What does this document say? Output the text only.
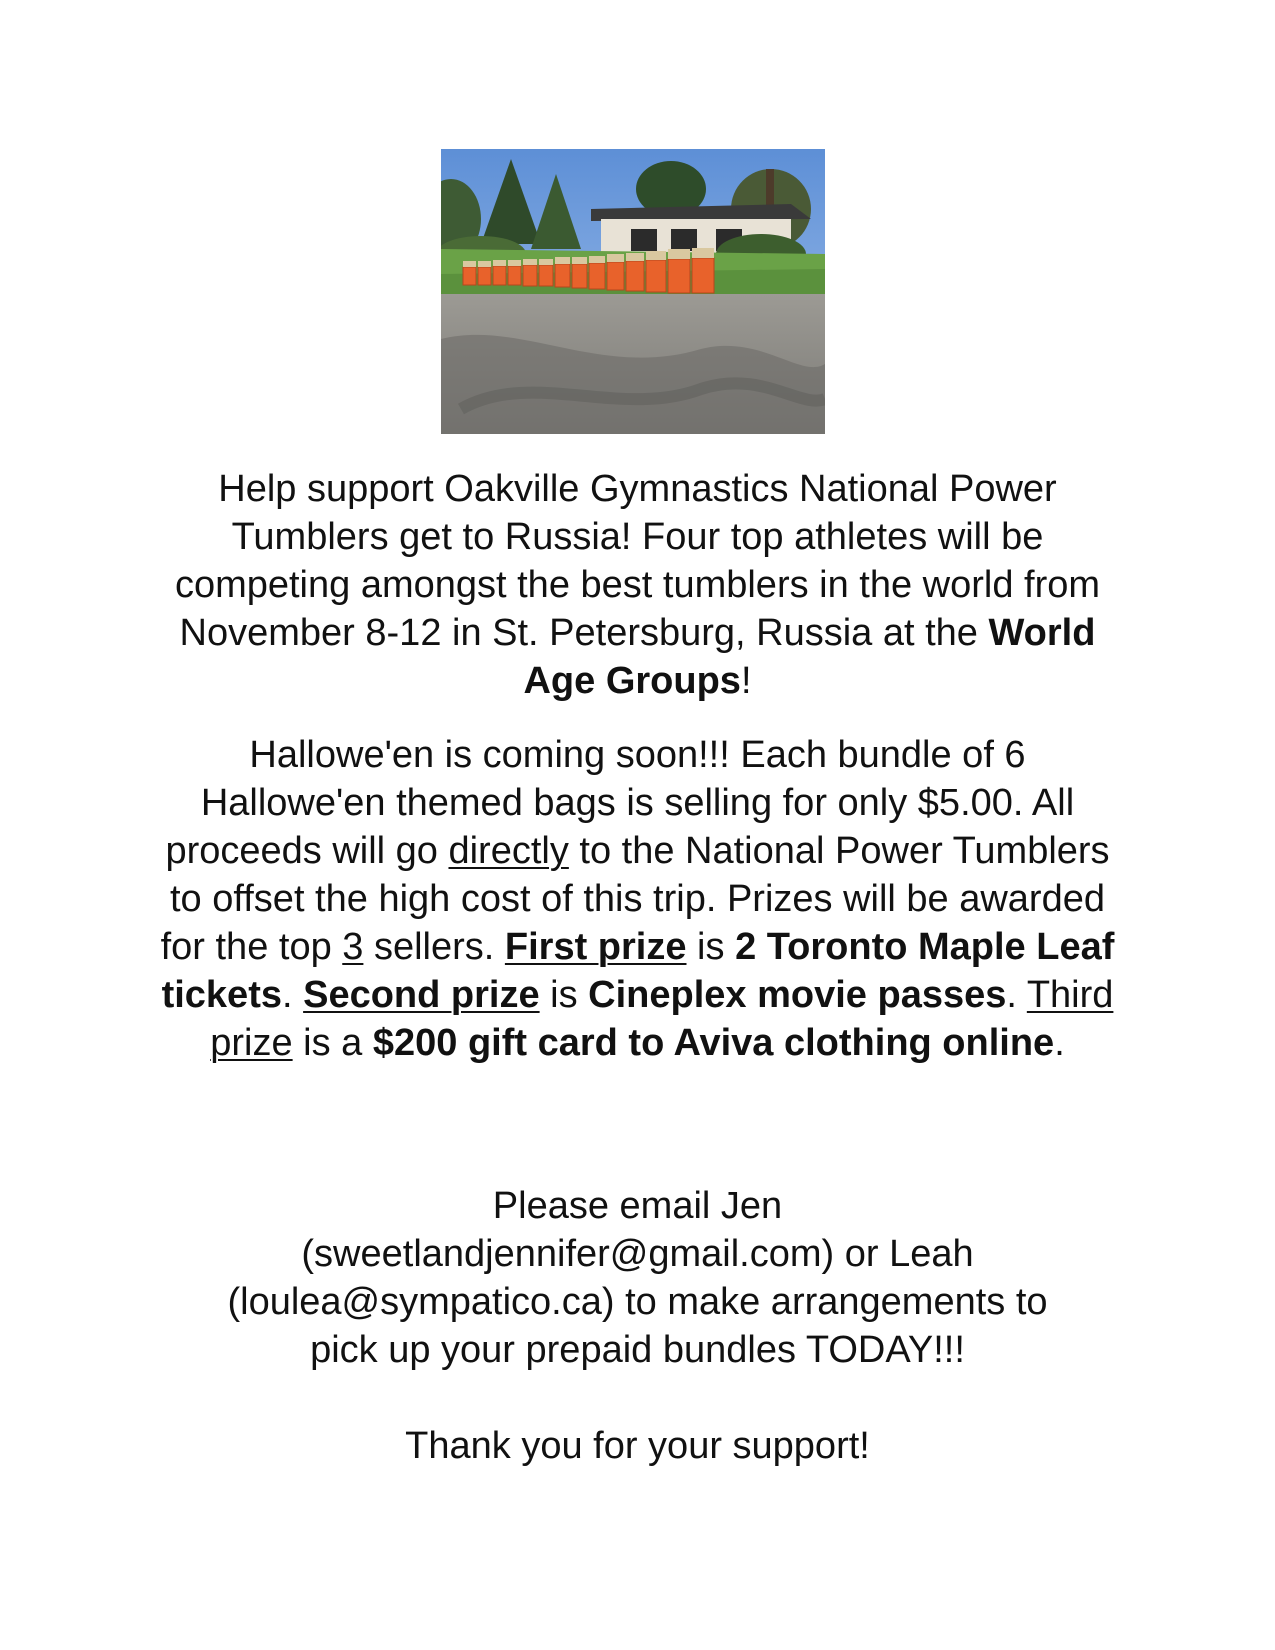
Help support Oakville Gymnastics National Power Tumblers get to Russia! Four top athletes will be competing amongst the best tumblers in the world from November 8-12 in St. Petersburg, Russia at the World Age Groups!
Hallowe'en is coming soon!!! Each bundle of 6 Hallowe'en themed bags is selling for only $5.00. All proceeds will go directly to the National Power Tumblers to offset the high cost of this trip. Prizes will be awarded for the top 3 sellers. First prize is 2 Toronto Maple Leaf tickets. Second prize is Cineplex movie passes. Third prize is a $200 gift card to Aviva clothing online.
Please email Jen
(sweetlandjennifer@gmail.com) or Leah
(loulea@sympatico.ca) to make arrangements to
pick up your prepaid bundles TODAY!!!
Thank you for your support!
